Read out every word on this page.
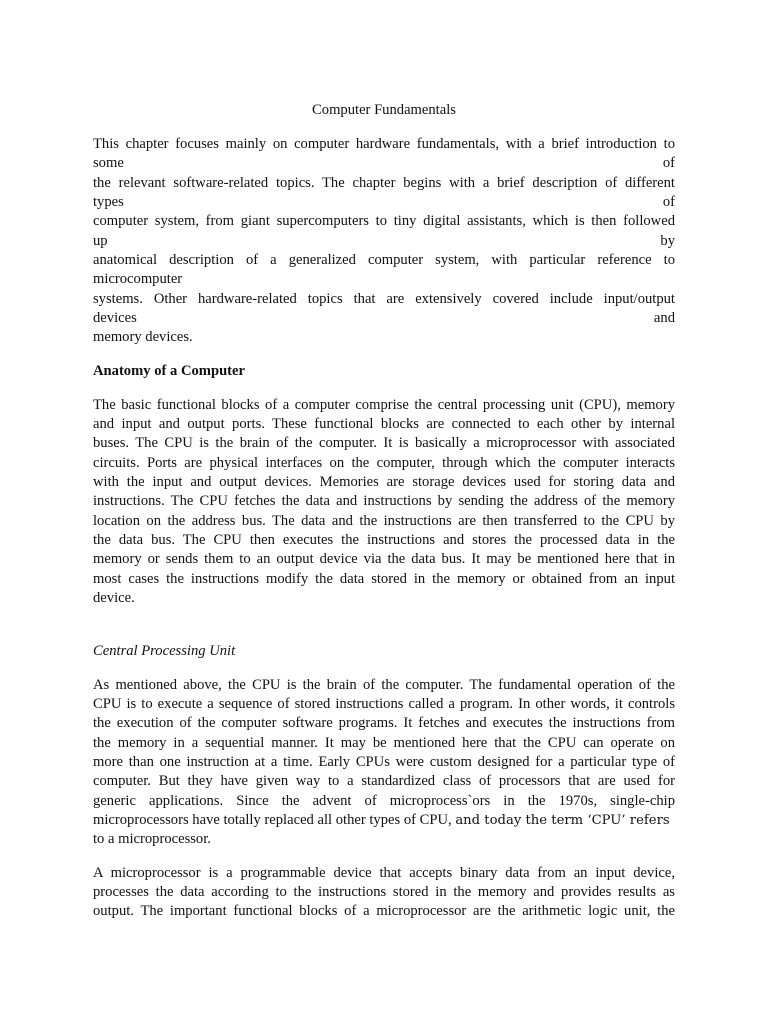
Computer Fundamentals
This chapter focuses mainly on computer hardware fundamentals, with a brief introduction to
some	of
the relevant software-related topics. The chapter begins with a brief description of different
types	of
computer system, from giant supercomputers to tiny digital assistants, which is then followed
up	by
anatomical description of a generalized computer system, with particular reference to
microcomputer
systems. Other hardware-related topics that are extensively covered include input/output
devices	and
memory devices.
Anatomy of a Computer
The basic functional blocks of a computer comprise the central processing unit (CPU), memory
and input and output ports. These functional blocks are connected to each other by internal
buses. The CPU is the brain of the computer. It is basically a microprocessor with associated
circuits. Ports are physical interfaces on the computer, through which the computer interacts
with the input and output devices. Memories are storage devices used for storing data and
instructions. The CPU fetches the data and instructions by sending the address of the memory
location on the address bus. The data and the instructions are then transferred to the CPU by
the data bus. The CPU then executes the instructions and stores the processed data in the
memory or sends them to an output device via the data bus. It may be mentioned here that in
most cases the instructions modify the data stored in the memory or obtained from an input
device.
Central Processing Unit
As mentioned above, the CPU is the brain of the computer. The fundamental operation of the
CPU is to execute a sequence of stored instructions called a program. In other words, it controls
the execution of the computer software programs. It fetches and executes the instructions from
the memory in a sequential manner. It may be mentioned here that the CPU can operate on
more than one instruction at a time. Early CPUs were custom designed for a particular type of
computer. But they have given way to a standardized class of processors that are used for
generic applications. Since the advent of microprocess`ors in the 1970s, single-chip
microprocessors have totally replaced all other types of CPU, and today the term ‘CPU’ refers
to a microprocessor.
A microprocessor is a programmable device that accepts binary data from an input device,
processes the data according to the instructions stored in the memory and provides results as
output. The important functional blocks of a microprocessor are the arithmetic logic unit, the
